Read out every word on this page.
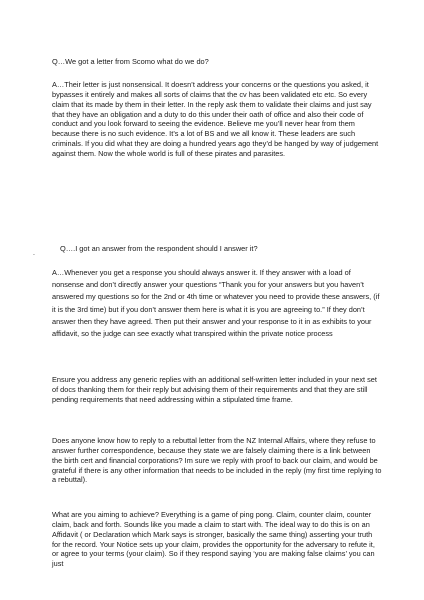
Q…We got a letter from Scomo what do we do?

A…Their letter is just nonsensical. It doesn’t address your concerns or the questions you asked, it bypasses it entirely and makes all sorts of claims that the cv has been validated etc etc. So every claim that its made by them in their letter. In the reply ask them to validate their claims and just say that they have an obligation and a duty to do this under their oath of office and also their code of conduct and you look forward to seeing the evidence. Believe me you’ll never hear from them because there is no such evidence. It’s a lot of BS and we all know it. These leaders are such criminals. If you did what they are doing a hundred years ago they’d be hanged by way of judgement against them. Now the whole world is full of these pirates and parasites.

.

Q….I got an answer from the respondent should I answer it?

A…Whenever you get a response you should always answer it. If they answer with a load of nonsense and don’t directly answer your questions “Thank you for your answers but you haven’t answered my questions so for the 2nd or 4th time or whatever you need to provide these answers, (if it is the 3rd time) but if you don’t answer them here is what it is you are agreeing to.” If they don’t answer then they have agreed. Then put their answer and your response to it in as exhibits to your affidavit, so the judge can see exactly what transpired within the private notice process

Ensure you address any generic replies with an additional self-written letter included in your next set of docs thanking them for their reply but advising them of their requirements and that they are still pending requirements that need addressing within a stipulated time frame.

Does anyone know how to reply to a rebuttal letter from the NZ Internal Affairs, where they refuse to answer further correspondence, because they state we are falsely claiming there is a link between the birth cert and financial corporations? Im sure we reply with proof to back our claim, and would be grateful if there is any other information that needs to be included in the reply (my first time replying to a rebuttal).

What are you aiming to achieve? Everything is a game of ping pong. Claim, counter claim, counter claim, back and forth. Sounds like you made a claim to start with. The ideal way to do this is on an Affidavit ( or Declaration which Mark says is stronger, basically the same thing) asserting your truth for the record. Your Notice sets up your claim, provides the opportunity for the adversary to refute it, or agree to your terms (your claim). So if they respond saying ‘you are making false claims’ you can just
